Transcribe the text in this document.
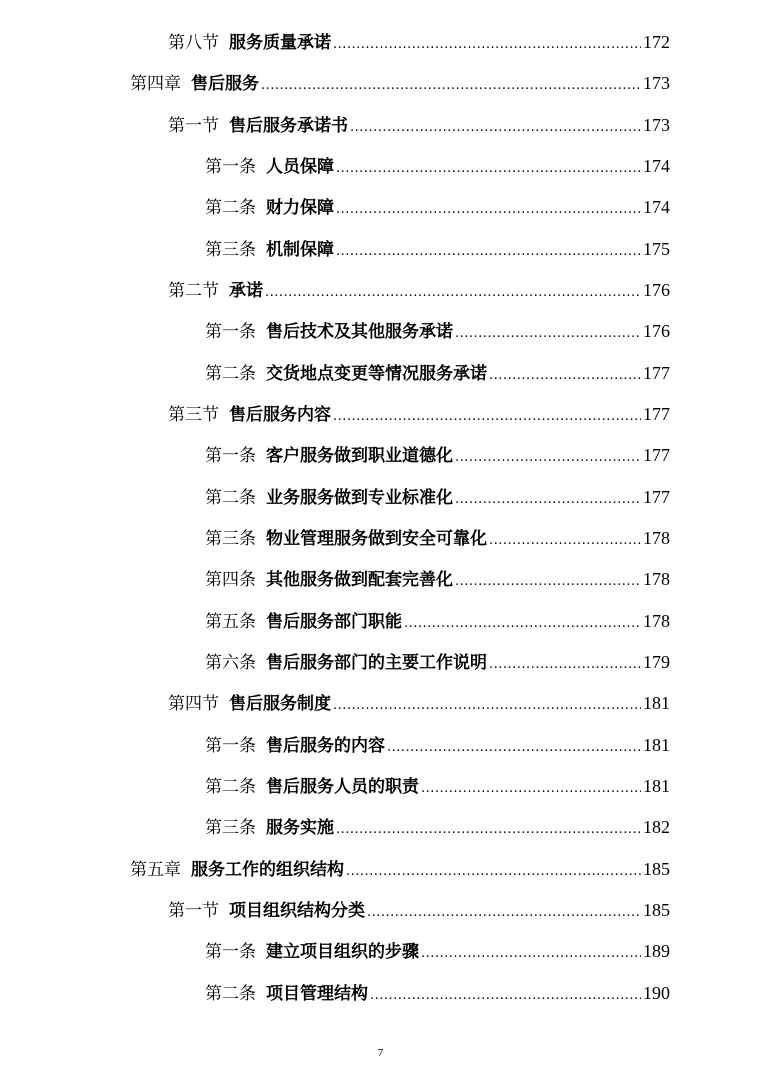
第八节 服务质量承诺 .....	172
第四章 售后服务 .....	173
第一节 售后服务承诺书 .....	173
第一条 人员保障 .....	174
第二条 财力保障 .....	174
第三条 机制保障 .....	175
第二节 承诺 .....	176
第一条 售后技术及其他服务承诺 .....	176
第二条 交货地点变更等情况服务承诺 .....	177
第三节 售后服务内容 .....	177
第一条 客户服务做到职业道德化 .....	177
第二条 业务服务做到专业标准化 .....	177
第三条 物业管理服务做到安全可靠化 .....	178
第四条 其他服务做到配套完善化 .....	178
第五条 售后服务部门职能 .....	178
第六条 售后服务部门的主要工作说明 .....	179
第四节 售后服务制度 .....	181
第一条 售后服务的内容 .....	181
第二条 售后服务人员的职责 .....	181
第三条 服务实施 .....	182
第五章 服务工作的组织结构 .....	185
第一节 项目组织结构分类 .....	185
第一条 建立项目组织的步骤 .....	189
第二条 项目管理结构 .....	190
7
